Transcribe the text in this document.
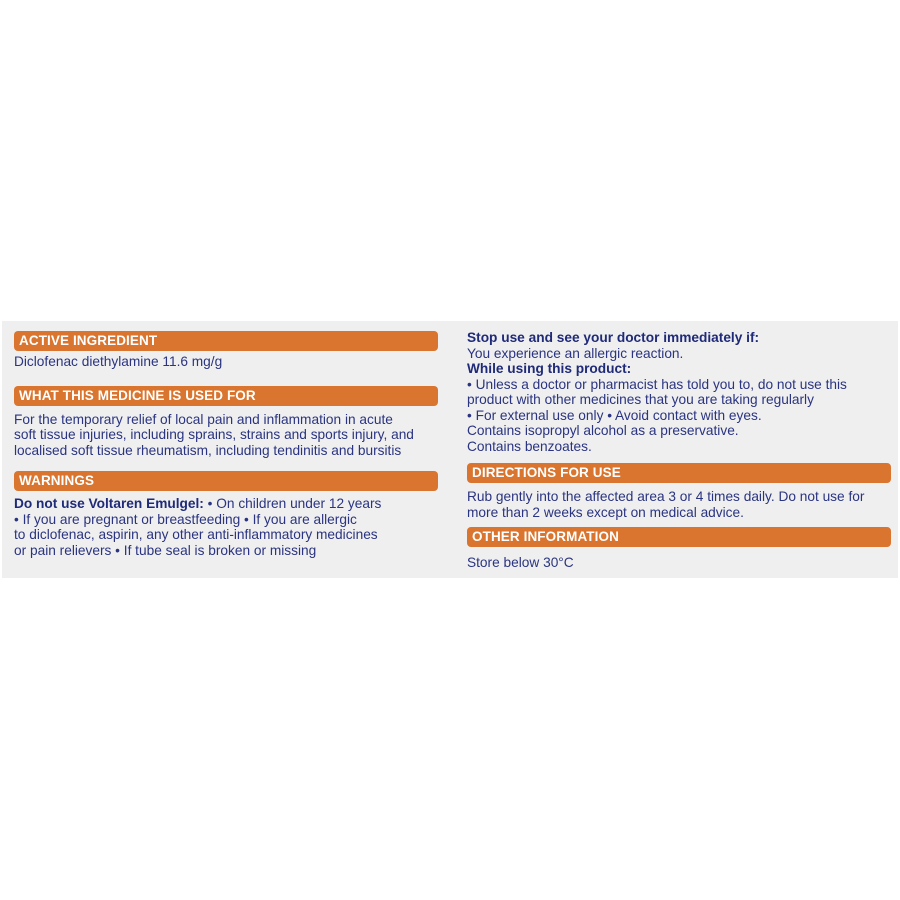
ACTIVE INGREDIENT
Diclofenac diethylamine 11.6 mg/g
WHAT THIS MEDICINE IS USED FOR
For the temporary relief of local pain and inflammation in acute
soft tissue injuries, including sprains, strains and sports injury, and
localised soft tissue rheumatism, including tendinitis and bursitis
WARNINGS
Do not use Voltaren Emulgel: • On children under 12 years
• If you are pregnant or breastfeeding • If you are allergic
to diclofenac, aspirin, any other anti-inflammatory medicines
or pain relievers • If tube seal is broken or missing
Stop use and see your doctor immediately if:
You experience an allergic reaction.
While using this product:
• Unless a doctor or pharmacist has told you to, do not use this
product with other medicines that you are taking regularly
• For external use only • Avoid contact with eyes.
Contains isopropyl alcohol as a preservative.
Contains benzoates.
DIRECTIONS FOR USE
Rub gently into the affected area 3 or 4 times daily. Do not use for
more than 2 weeks except on medical advice.
OTHER INFORMATION
Store below 30°C
